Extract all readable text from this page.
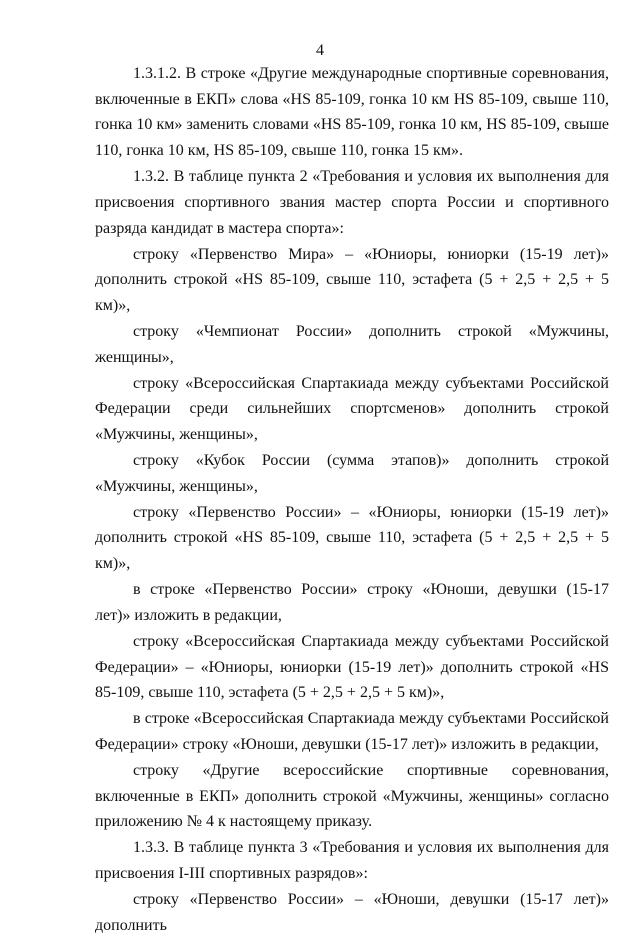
4

1.3.1.2. В строке «Другие международные спортивные соревнования, включенные в ЕКП» слова «HS 85-109, гонка 10 км HS 85-109, свыше 110, гонка 10 км» заменить словами «HS 85-109, гонка 10 км, HS 85-109, свыше 110, гонка 10 км, HS 85-109, свыше 110, гонка 15 км».

1.3.2. В таблице пункта 2 «Требования и условия их выполнения для присвоения спортивного звания мастер спорта России и спортивного разряда кандидат в мастера спорта»:

строку «Первенство Мира» – «Юниоры, юниорки (15-19 лет)» дополнить строкой «HS 85-109, свыше 110, эстафета (5 + 2,5 + 2,5 + 5 км)»,

строку «Чемпионат России» дополнить строкой «Мужчины, женщины»,

строку «Всероссийская Спартакиада между субъектами Российской Федерации среди сильнейших спортсменов» дополнить строкой «Мужчины, женщины»,

строку «Кубок России (сумма этапов)» дополнить строкой «Мужчины, женщины»,

строку «Первенство России» – «Юниоры, юниорки (15-19 лет)» дополнить строкой «HS 85-109, свыше 110, эстафета (5 + 2,5 + 2,5 + 5 км)»,

в строке «Первенство России» строку «Юноши, девушки (15-17 лет)» изложить в редакции,

строку «Всероссийская Спартакиада между субъектами Российской Федерации» – «Юниоры, юниорки (15-19 лет)» дополнить строкой «HS 85-109, свыше 110, эстафета (5 + 2,5 + 2,5 + 5 км)»,

в строке «Всероссийская Спартакиада между субъектами Российской Федерации» строку «Юноши, девушки (15-17 лет)» изложить в редакции,

строку «Другие всероссийские спортивные соревнования, включенные в ЕКП» дополнить строкой «Мужчины, женщины» согласно приложению № 4 к настоящему приказу.

1.3.3. В таблице пункта 3 «Требования и условия их выполнения для присвоения I-III спортивных разрядов»:

строку «Первенство России» – «Юноши, девушки (15-17 лет)» дополнить
